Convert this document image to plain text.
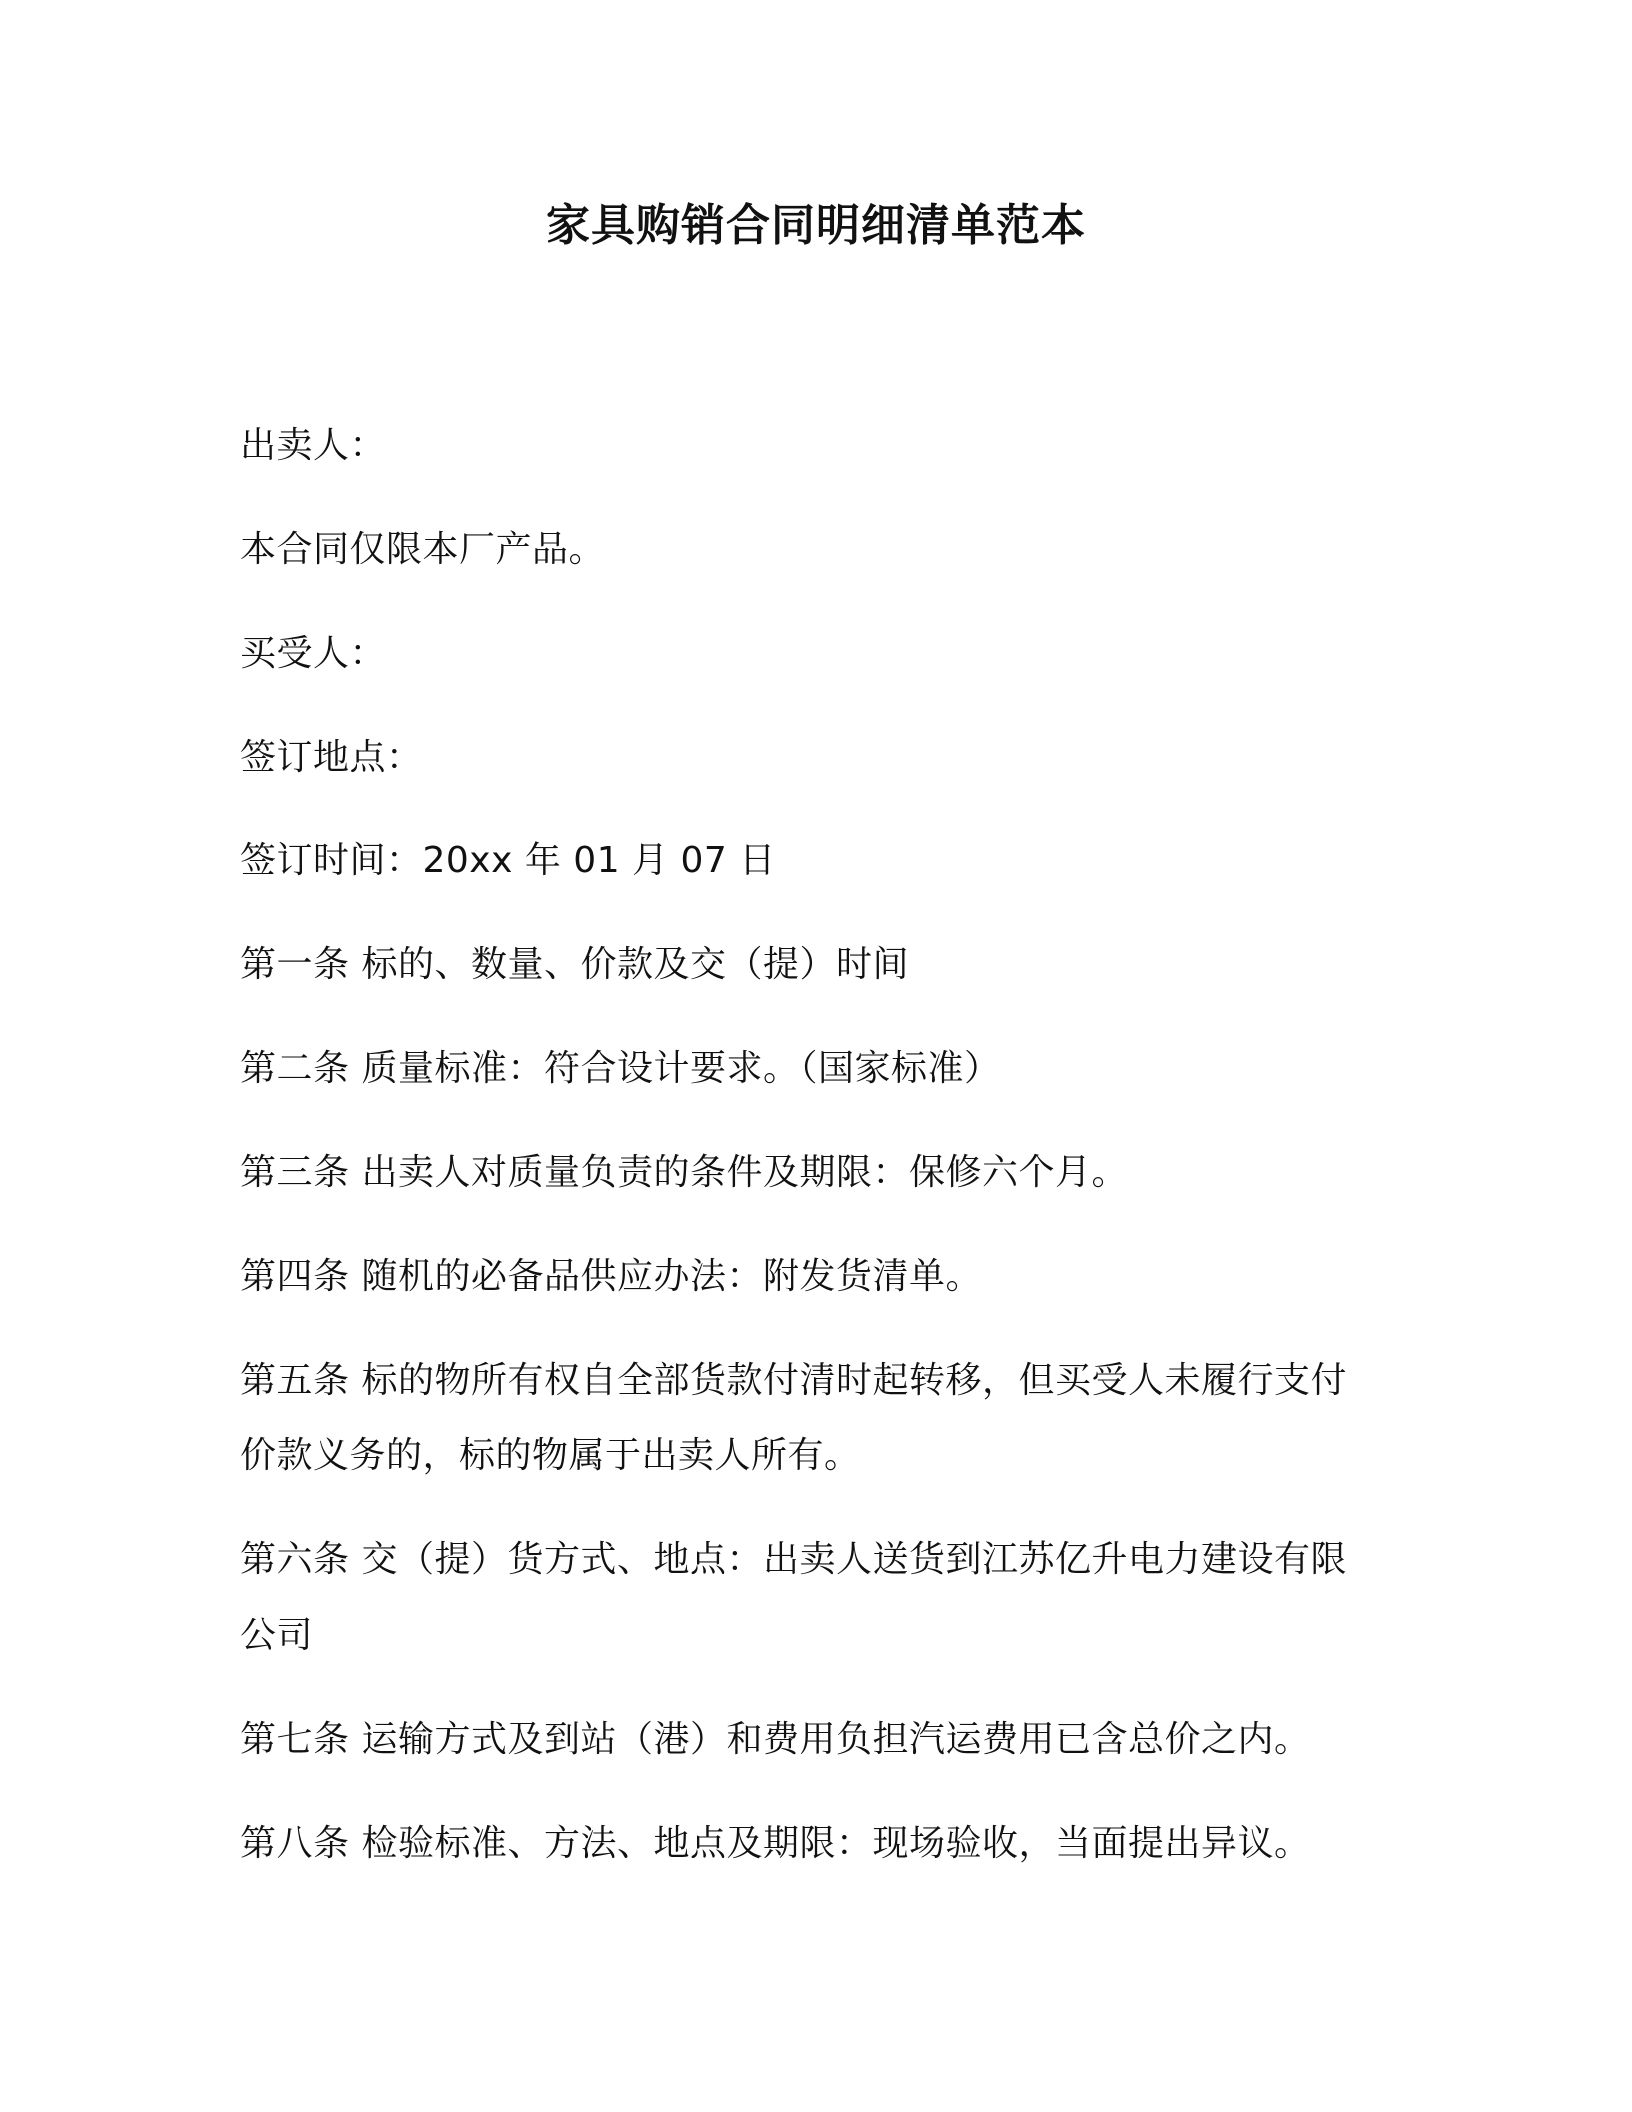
家具购销合同明细清单范本
出卖人：
本合同仅限本厂产品。
买受人：
签订地点：
签订时间：20xx 年 01 月 07 日
第一条 标的、数量、价款及交（提）时间
第二条 质量标准：符合设计要求。（国家标准）
第三条 出卖人对质量负责的条件及期限：保修六个月。
第四条 随机的必备品供应办法：附发货清单。
第五条 标的物所有权自全部货款付清时起转移，但买受人未履行支付
价款义务的，标的物属于出卖人所有。
第六条 交（提）货方式、地点：出卖人送货到江苏亿升电力建设有限
公司
第七条 运输方式及到站（港）和费用负担汽运费用已含总价之内。
第八条 检验标准、方法、地点及期限：现场验收，当面提出异议。
